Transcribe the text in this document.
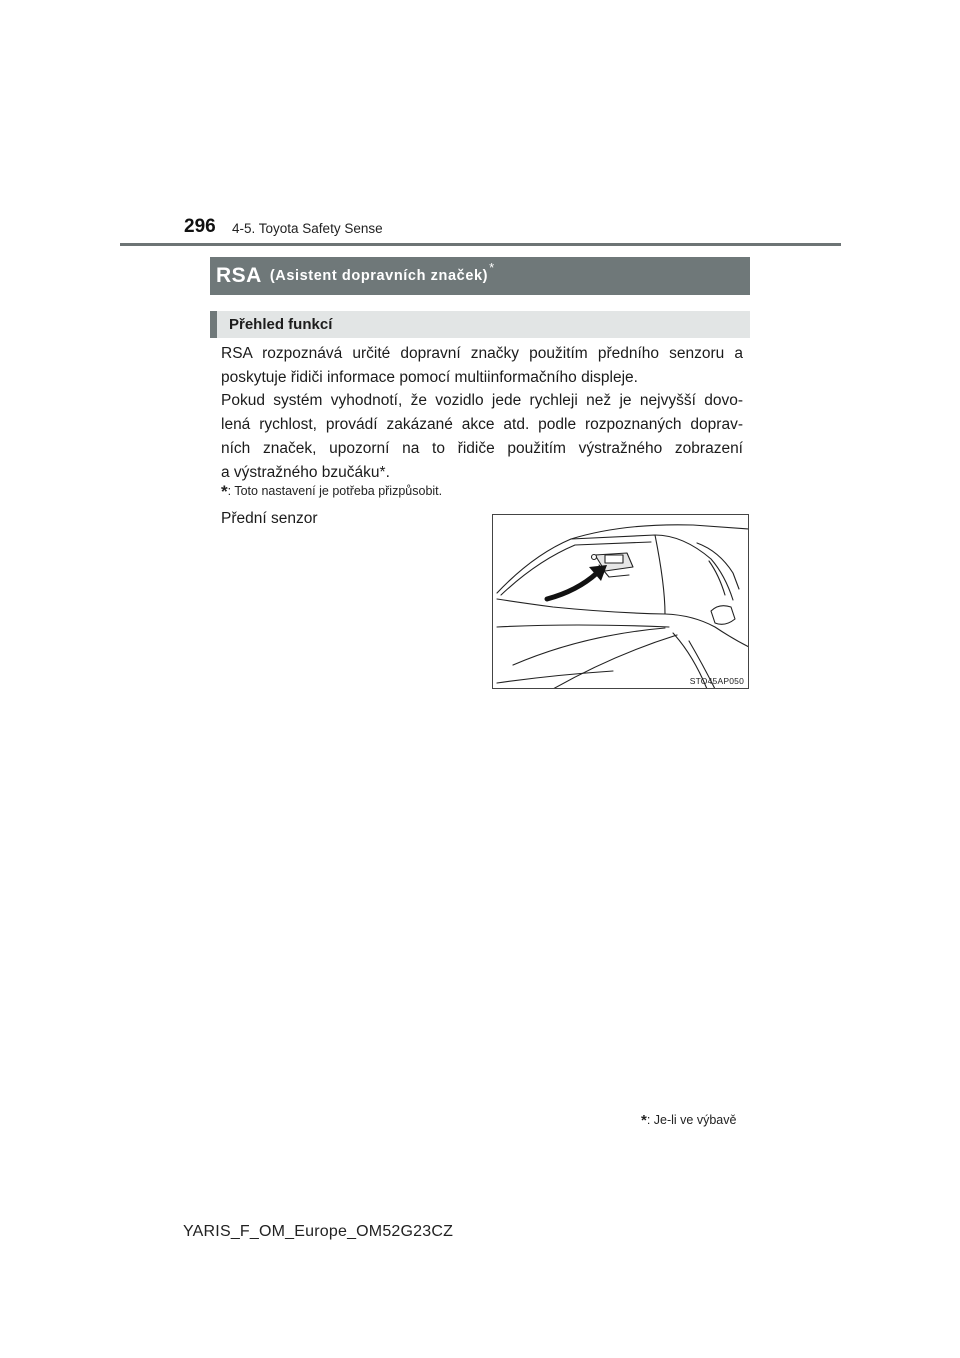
296 4-5. Toyota Safety Sense
RSA (Asistent dopravních značek)
*
Přehled funkcí

RSA rozpoznává určité dopravní značky použitím předního senzoru a poskytuje řidiči informace pomocí multiinformačního displeje.

Pokud systém vyhodnotí, že vozidlo jede rychleji než je nejvyšší dovo-
lená rychlost, provádí zakázané akce atd. podle rozpoznaných doprav-
ních značek, upozorní na to řidiče použitím výstražného zobrazení
a výstražného bzučáku*.

*: Toto nastavení je potřeba přizpůsobit.
Přední senzor
STO45AP050
*: Je-li ve výbavě
YARIS_F_OM_Europe_OM52G23CZ
